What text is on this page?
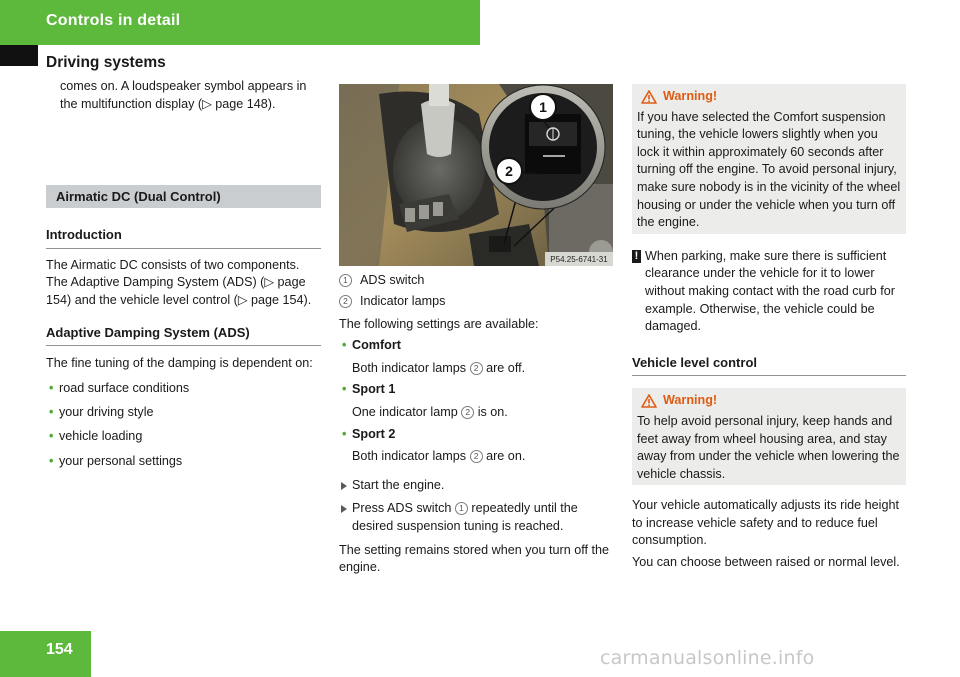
Controls in detail
Driving systems

comes on. A loudspeaker symbol appears in the multifunction display (▷ page 148).

Airmatic DC (Dual Control)
Introduction

The Airmatic DC consists of two components. The Adaptive Damping System (ADS) (▷ page 154) and the vehicle level control (▷ page 154).

Adaptive Damping System (ADS)

The fine tuning of the damping is dependent on:

• road surface conditions
• your driving style
• vehicle loading
• your personal settings
1
2
P54.25-6741-31
1 ADS switch
2 Indicator lamps

The following settings are available:

• Comfort
Both indicator lamps 2 are off.
• Sport 1
One indicator lamp 2 is on.
• Sport 2
Both indicator lamps 2 are on.

Start the engine.

Press ADS switch 1 repeatedly until the desired suspension tuning is reached.

The setting remains stored when you turn off the engine.

Warning!

If you have selected the Comfort suspension tuning, the vehicle lowers slightly when you lock it within approximately 60 seconds after turning off the engine. To avoid personal injury, make sure nobody is in the vicinity of the wheel housing or under the vehicle when you turn off the engine.

! When parking, make sure there is sufficient clearance under the vehicle for it to lower without making contact with the road curb for example. Otherwise, the vehicle could be damaged.
Vehicle level control
Warning!

To help avoid personal injury, keep hands and feet away from wheel housing area, and stay away from under the vehicle when lowering the vehicle chassis.

Your vehicle automatically adjusts its ride height to increase vehicle safety and to reduce fuel consumption.

You can choose between raised or normal level.

154	carmanualsonline.info
